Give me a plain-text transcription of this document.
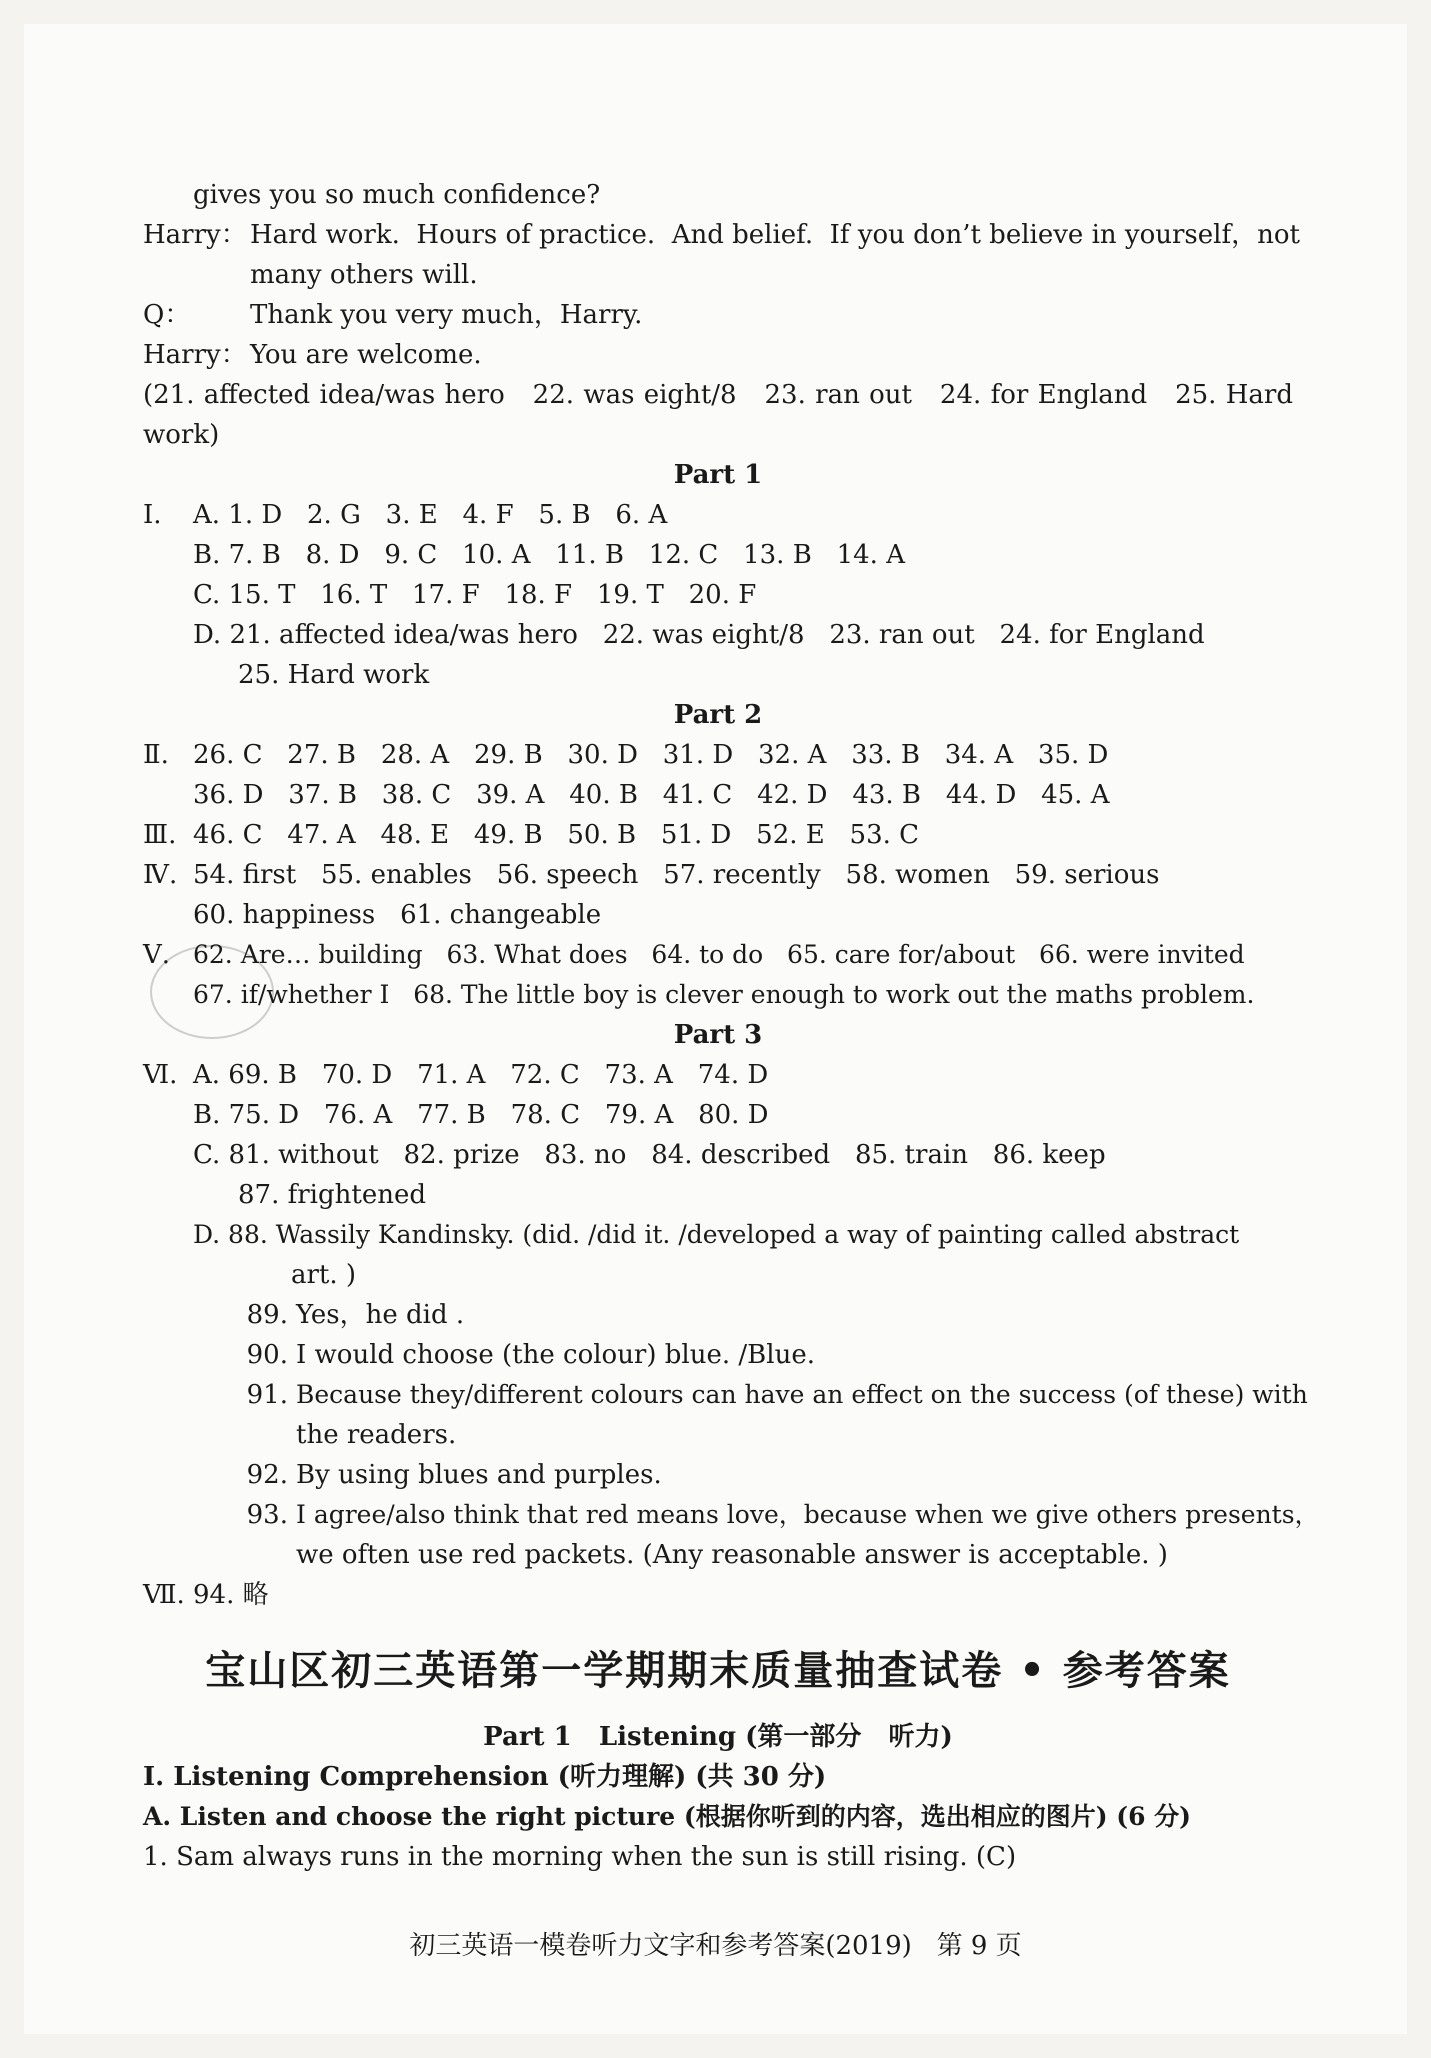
gives you so much confidence?
Harry： Hard work.  Hours of practice.  And belief.  If you don’t believe in yourself，not
many others will.
Q：	Thank you very much，Harry.
Harry： You are welcome.
(21. affected idea/was hero   22. was eight/8   23. ran out   24. for England   25. Hard
work)
Part 1
Ⅰ.	A. 1. D   2. G   3. E   4. F   5. B   6. A
B. 7. B   8. D   9. C   10. A   11. B   12. C   13. B   14. A
C. 15. T   16. T   17. F   18. F   19. T   20. F
D. 21. affected idea/was hero   22. was eight/8   23. ran out   24. for England
25. Hard work
Part 2
Ⅱ. 26. C   27. B   28. A   29. B   30. D   31. D   32. A   33. B   34. A   35. D
36. D   37. B   38. C   39. A   40. B   41. C   42. D   43. B   44. D   45. A
Ⅲ. 46. C   47. A   48. E   49. B   50. B   51. D   52. E   53. C
Ⅳ. 54. first   55. enables   56. speech   57. recently   58. women   59. serious
60. happiness   61. changeable
Ⅴ. 62. Are… building   63. What does   64. to do   65. care for/about   66. were invited
67. if/whether I   68. The little boy is clever enough to work out the maths problem.
Part 3
Ⅵ. A. 69. B   70. D   71. A   72. C   73. A   74. D
B. 75. D   76. A   77. B   78. C   79. A   80. D
C. 81. without   82. prize   83. no   84. described   85. train   86. keep
87. frightened
D. 88. Wassily Kandinsky. (did. /did it. /developed a way of painting called abstract
art. )
89. Yes，he did .
90. I would choose (the colour) blue. /Blue.
91. Because they/different colours can have an effect on the success (of these) with
the readers.
92. By using blues and purples.
93. I agree/also think that red means love，because when we give others presents，
we often use red packets. (Any reasonable answer is acceptable. )
Ⅶ. 94. 略
宝山区初三英语第一学期期末质量抽查试卷 • 参考答案
Part 1   Listening (第一部分   听力)
Ⅰ. Listening Comprehension (听力理解) (共 30 分)
A. Listen and choose the right picture (根据你听到的内容，选出相应的图片) (6 分)
1. Sam always runs in the morning when the sun is still rising. (C)
初三英语一模卷听力文字和参考答案(2019)   第 9 页
